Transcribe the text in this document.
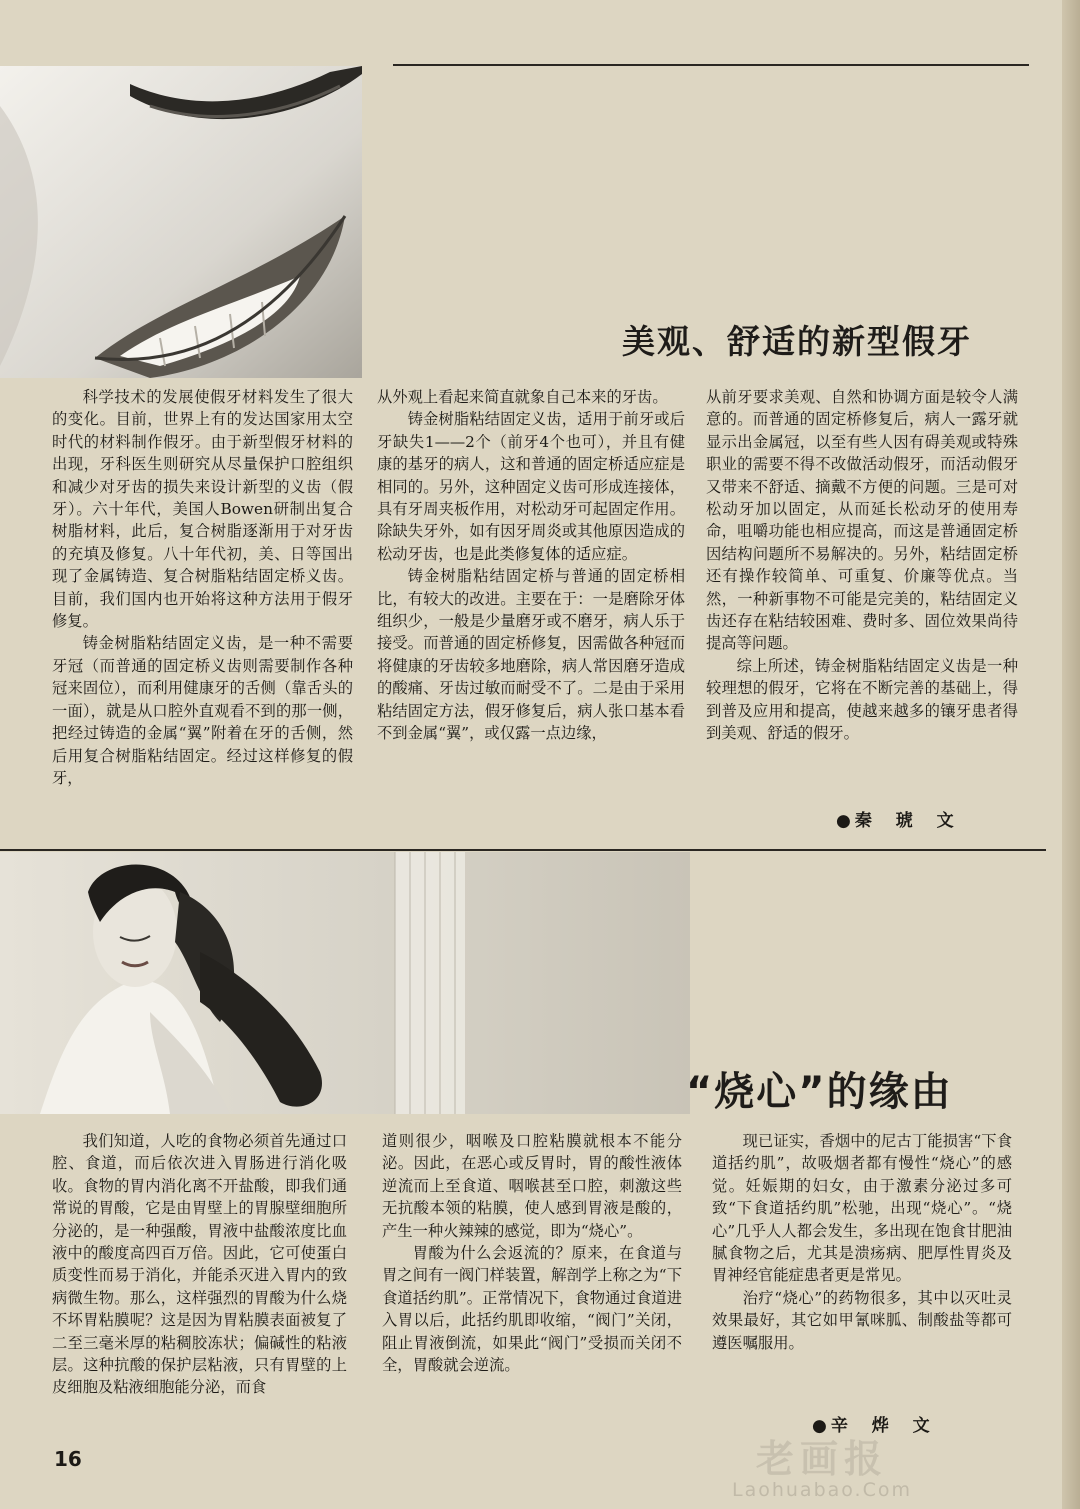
美观、舒适的新型假牙

科学技术的发展使假牙材料发生了很大的变化。目前，世界上有的发达国家用太空时代的材料制作假牙。由于新型假牙材料的出现，牙科医生则研究从尽量保护口腔组织和减少对牙齿的损失来设计新型的义齿（假牙）。六十年代，美国人Bowen研制出复合树脂材料，此后，复合树脂逐渐用于对牙齿的充填及修复。八十年代初，美、日等国出现了金属铸造、复合树脂粘结固定桥义齿。目前，我们国内也开始将这种方法用于假牙修复。

铸金树脂粘结固定义齿，是一种不需要牙冠（而普通的固定桥义齿则需要制作各种冠来固位），而利用健康牙的舌侧（靠舌头的一面），就是从口腔外直观看不到的那一侧，把经过铸造的金属“翼”附着在牙的舌侧，然后用复合树脂粘结固定。经过这样修复的假牙，

从外观上看起来简直就象自己本来的牙齿。

铸金树脂粘结固定义齿，适用于前牙或后牙缺失1——2个（前牙4个也可），并且有健康的基牙的病人，这和普通的固定桥适应症是相同的。另外，这种固定义齿可形成连接体，具有牙周夹板作用，对松动牙可起固定作用。除缺失牙外，如有因牙周炎或其他原因造成的松动牙齿，也是此类修复体的适应症。

铸金树脂粘结固定桥与普通的固定桥相比，有较大的改进。主要在于：一是磨除牙体组织少，一般是少量磨牙或不磨牙，病人乐于接受。而普通的固定桥修复，因需做各种冠而将健康的牙齿较多地磨除，病人常因磨牙造成的酸痛、牙齿过敏而耐受不了。二是由于采用粘结固定方法，假牙修复后，病人张口基本看不到金属“翼”，或仅露一点边缘，

从前牙要求美观、自然和协调方面是较令人满意的。而普通的固定桥修复后，病人一露牙就显示出金属冠，以至有些人因有碍美观或特殊职业的需要不得不改做活动假牙，而活动假牙又带来不舒适、摘戴不方便的问题。三是可对松动牙加以固定，从而延长松动牙的使用寿命，咀嚼功能也相应提高，而这是普通固定桥因结构问题所不易解决的。另外，粘结固定桥还有操作较简单、可重复、价廉等优点。当然，一种新事物不可能是完美的，粘结固定义齿还存在粘结较困难、费时多、固位效果尚待提高等问题。

综上所述，铸金树脂粘结固定义齿是一种较理想的假牙，它将在不断完善的基础上，得到普及应用和提高，使越来越多的镶牙患者得到美观、舒适的假牙。

● 秦 琥 文
“烧心”的缘由

我们知道，人吃的食物必须首先通过口腔、食道，而后依次进入胃肠进行消化吸收。食物的胃内消化离不开盐酸，即我们通常说的胃酸，它是由胃壁上的胃腺壁细胞所分泌的，是一种强酸，胃液中盐酸浓度比血液中的酸度高四百万倍。因此，它可使蛋白质变性而易于消化，并能杀灭进入胃内的致病微生物。那么，这样强烈的胃酸为什么烧不坏胃粘膜呢？这是因为胃粘膜表面被复了二至三毫米厚的粘稠胶冻状；偏碱性的粘液层。这种抗酸的保护层粘液，只有胃壁的上皮细胞及粘液细胞能分泌，而食

道则很少，咽喉及口腔粘膜就根本不能分泌。因此，在恶心或反胃时，胃的酸性液体逆流而上至食道、咽喉甚至口腔，刺激这些无抗酸本领的粘膜，使人感到胃液是酸的，产生一种火辣辣的感觉，即为“烧心”。

胃酸为什么会返流的？原来，在食道与胃之间有一阀门样装置，解剖学上称之为“下食道括约肌”。正常情况下，食物通过食道进入胃以后，此括约肌即收缩，“阀门”关闭，阻止胃液倒流，如果此“阀门”受损而关闭不全，胃酸就会逆流。

现已证实，香烟中的尼古丁能损害“下食道括约肌”，故吸烟者都有慢性“烧心”的感觉。妊娠期的妇女，由于激素分泌过多可致“下食道括约肌”松驰，出现“烧心”。“烧心”几乎人人都会发生，多出现在饱食甘肥油腻食物之后，尤其是溃疡病、肥厚性胃炎及胃神经官能症患者更是常见。

治疗“烧心”的药物很多，其中以灭吐灵效果最好，其它如甲氰咪胍、制酸盐等都可遵医嘱服用。

● 辛 烨 文
16	老画报
Laohuabao.Com
